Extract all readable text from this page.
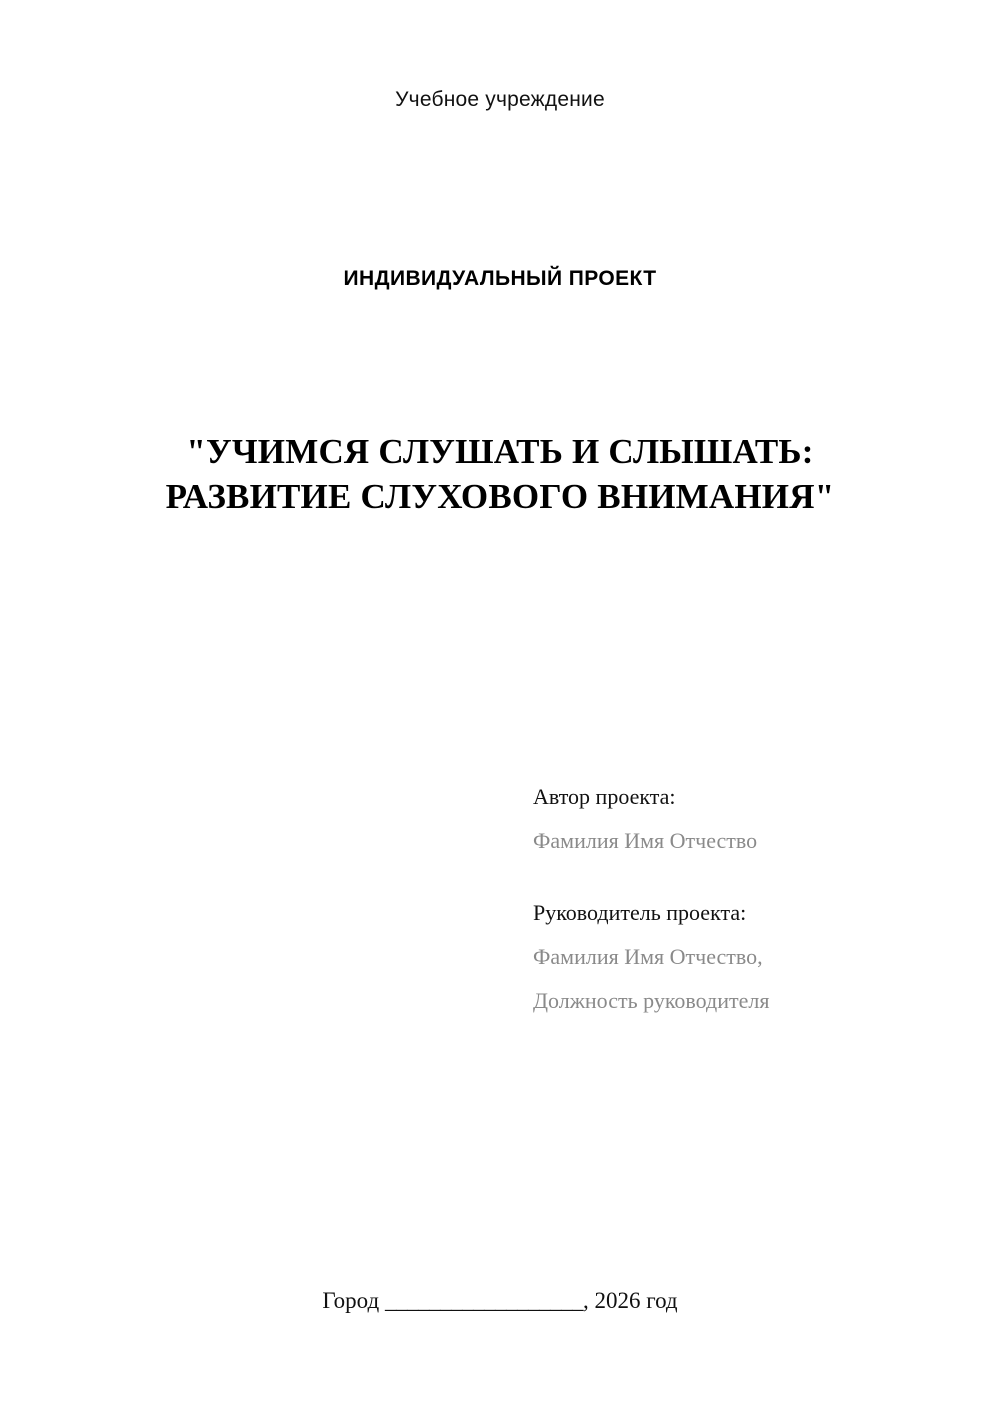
Учебное учреждение
ИНДИВИДУАЛЬНЫЙ ПРОЕКТ
"УЧИМСЯ СЛУШАТЬ И СЛЫШАТЬ:
РАЗВИТИЕ СЛУХОВОГО ВНИМАНИЯ"
Автор проекта:
Фамилия Имя Отчество
Руководитель проекта:
Фамилия Имя Отчество,
Должность руководителя
Город __________________, 2026 год
